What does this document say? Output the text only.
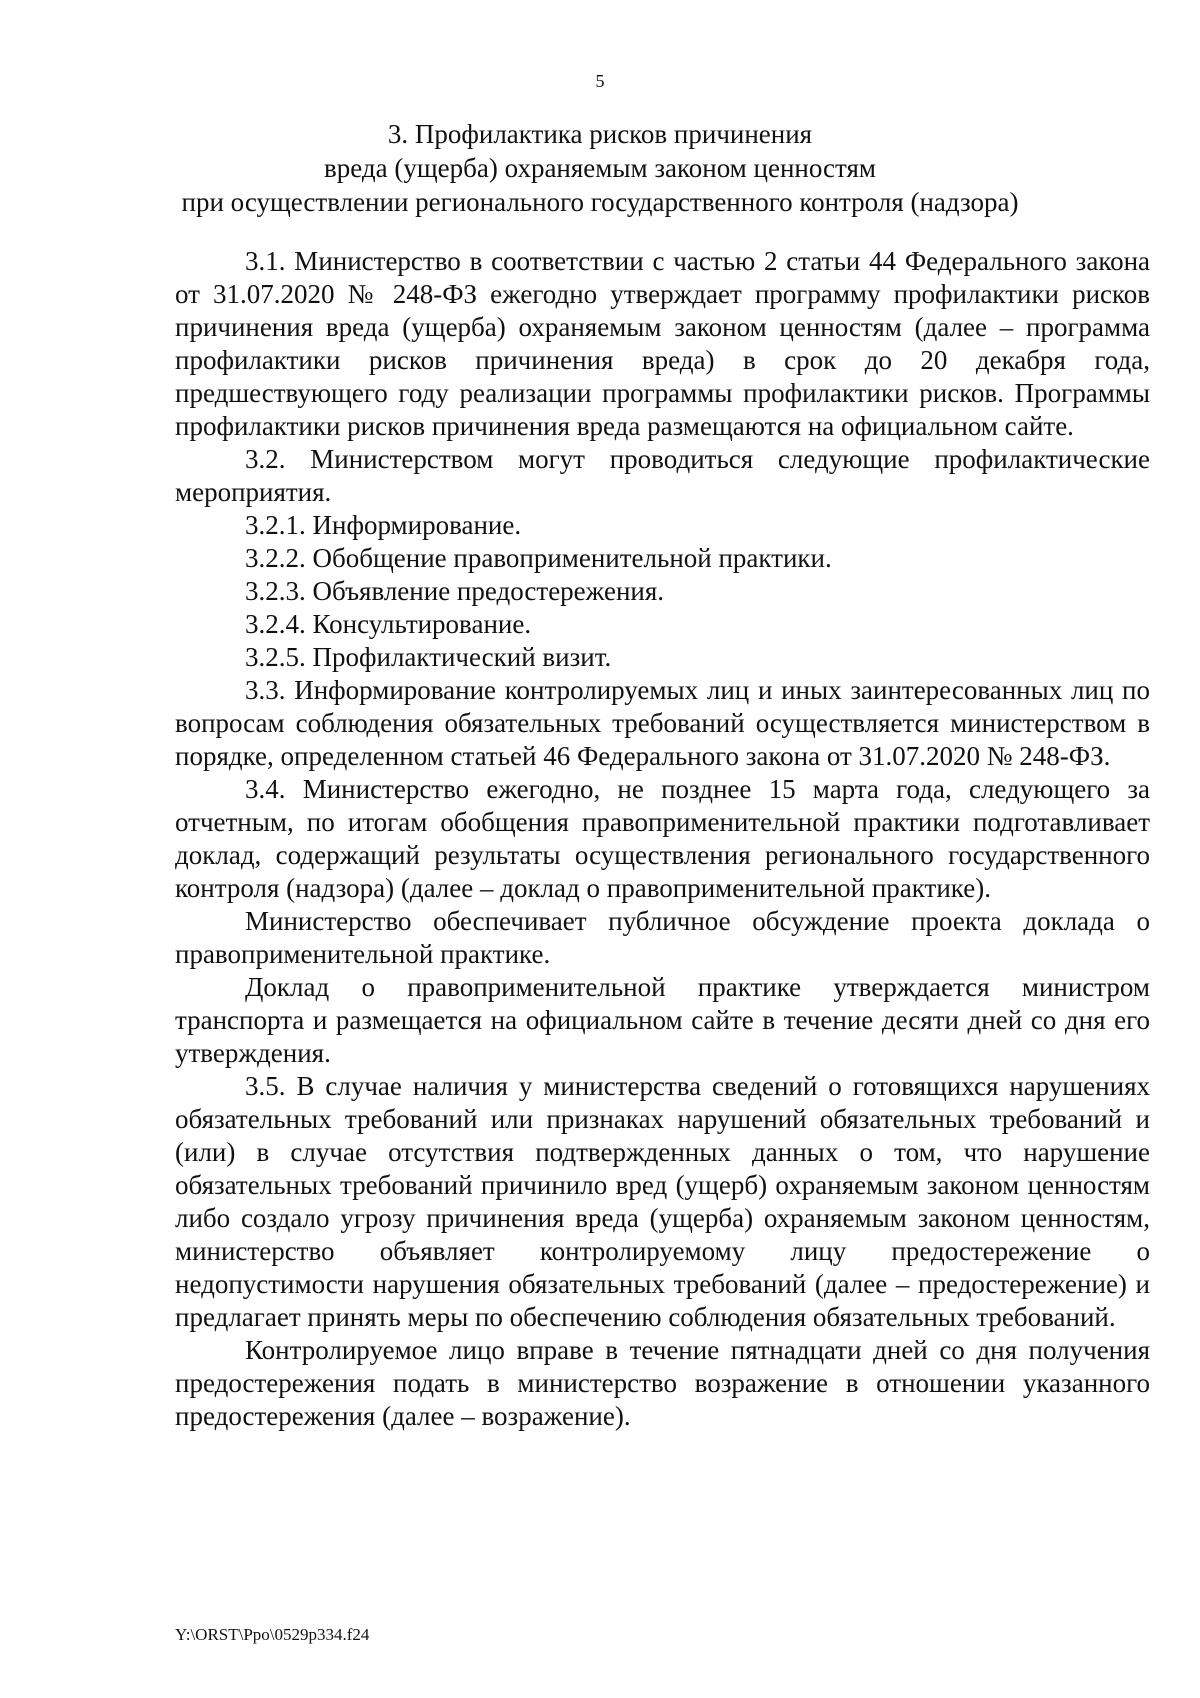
5
3. Профилактика рисков причинения
вреда (ущерба) охраняемым законом ценностям
при осуществлении регионального государственного контроля (надзора)

3.1. Министерство в соответствии с частью 2 статьи 44 Федерального закона от 31.07.2020 № 248-ФЗ ежегодно утверждает программу профилактики рисков причинения вреда (ущерба) охраняемым законом ценностям (далее – программа профилактики рисков причинения вреда) в срок до 20 декабря года, предшествующего году реализации программы профилактики рисков. Программы профилактики рисков причинения вреда размещаются на официальном сайте.

3.2. Министерством могут проводиться следующие профилактические мероприятия.

3.2.1. Информирование.

3.2.2. Обобщение правоприменительной практики.

3.2.3. Объявление предостережения.

3.2.4. Консультирование.

3.2.5. Профилактический визит.

3.3. Информирование контролируемых лиц и иных заинтересованных лиц по вопросам соблюдения обязательных требований осуществляется министерством в порядке, определенном статьей 46 Федерального закона от 31.07.2020 № 248-ФЗ.

3.4. Министерство ежегодно, не позднее 15 марта года, следующего за отчетным, по итогам обобщения правоприменительной практики подготавливает доклад, содержащий результаты осуществления регионального государственного контроля (надзора) (далее – доклад о правоприменительной практике).

Министерство обеспечивает публичное обсуждение проекта доклада о правоприменительной практике.

Доклад о правоприменительной практике утверждается министром транспорта и размещается на официальном сайте в течение десяти дней со дня его утверждения.

3.5. В случае наличия у министерства сведений о готовящихся нарушениях обязательных требований или признаках нарушений обязательных требований и (или) в случае отсутствия подтвержденных данных о том, что нарушение обязательных требований причинило вред (ущерб) охраняемым законом ценностям либо создало угрозу причинения вреда (ущерба) охраняемым законом ценностям, министерство объявляет контролируемому лицу предостережение о недопустимости нарушения обязательных требований (далее – предостережение) и предлагает принять меры по обеспечению соблюдения обязательных требований.

Контролируемое лицо вправе в течение пятнадцати дней со дня получения предостережения подать в министерство возражение в отношении указанного предостережения (далее – возражение).

Y:\ORST\Ppo\0529p334.f24
